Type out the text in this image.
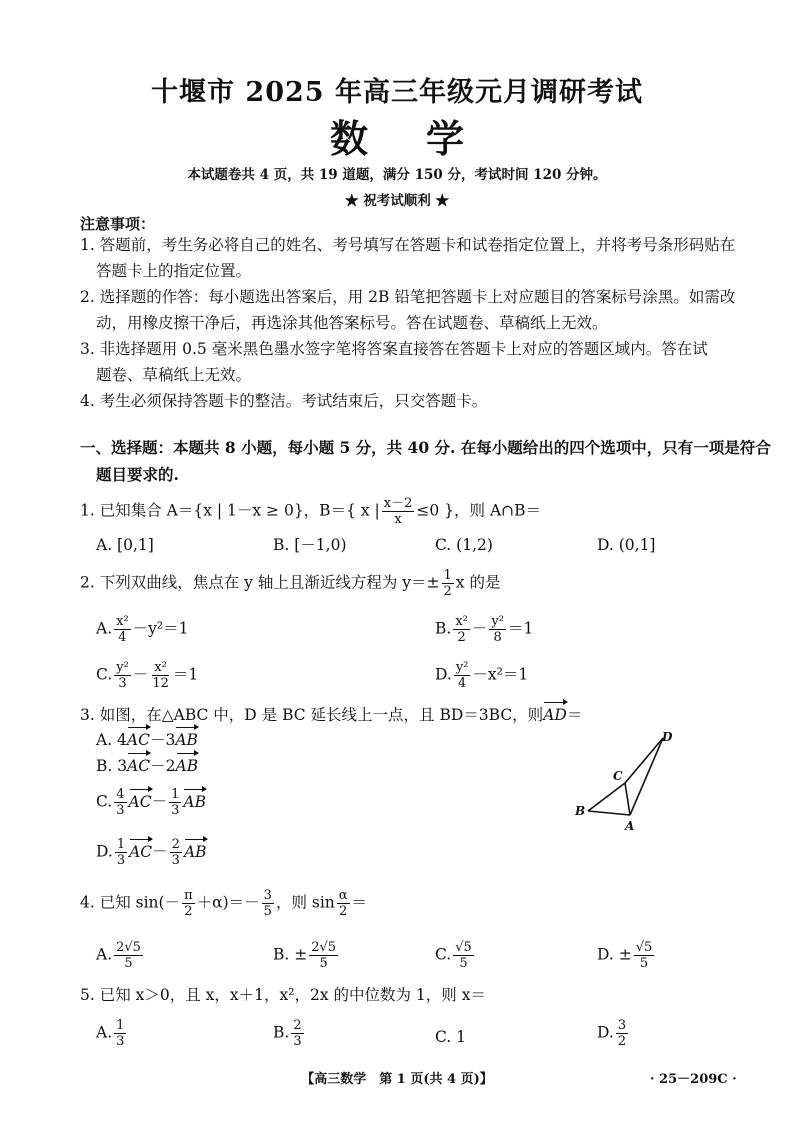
十堰市 2025 年高三年级元月调研考试
数学
本试题卷共 4 页，共 19 道题，满分 150 分，考试时间 120 分钟。
★ 祝考试顺利 ★
注意事项：
1. 答题前，考生务必将自己的姓名、考号填写在答题卡和试卷指定位置上，并将考号条形码贴在
答题卡上的指定位置。
2. 选择题的作答：每小题选出答案后，用 2B 铅笔把答题卡上对应题目的答案标号涂黑。如需改
动，用橡皮擦干净后，再选涂其他答案标号。答在试题卷、草稿纸上无效。
3. 非选择题用 0.5 毫米黑色墨水签字笔将答案直接答在答题卡上对应的答题区域内。答在试
题卷、草稿纸上无效。
4. 考生必须保持答题卡的整洁。考试结束后，只交答题卡。
一、选择题：本题共 8 小题，每小题 5 分，共 40 分. 在每小题给出的四个选项中，只有一项是符合
题目要求的.
1. 已知集合 A＝{x | 1－x ≥ 0}，B＝{ x | $\frac{x-2}{x} \le 0$ }，则 A∩B＝
A. [0,1]	B. [－1,0)	C. (1,2)	D. (0,1]
2. 下列双曲线，焦点在 y 轴上且渐近线方程为 $y=\pm \frac{1}{2}$ x 的是
A. $\frac{\text{x²}}{4} -y^2=1$	B. $\frac{\text{x²}}{2} - \frac{\text{y²}}{8} =1$
C. $\frac{\text{y²}}{3} - \frac{\text{x²}}{12} =1$	D. $\frac{\text{y²}}{4} -x^2=1$
3. 如图，在△ABC 中，D 是 BC 延长线上一点，且 BD＝3BC，则AD＝
A. 4AC－3AB
B. 3AC－2AB
C. $\frac{4}{3} AC- \frac{1}{3}$ AB
D. $\frac{1}{3} AC- \frac{2}{3}$ AB
B
C
A
D
4. 已知 $\sin(- \frac{\pi}{2} +\alpha)=- \frac{3}{5}$ ，则 $\sin \frac{\alpha}{2}$ ＝
A. $\frac{2√5}{5}$	B. ± $\frac{2√5}{5}$	C. $\frac{√5}{5}$	D. ± $\frac{√5}{5}$
5. 已知 x＞0，且 x，x＋1，x²，2x 的中位数为 1，则 x＝
A. $\frac{1}{3}$	B. $\frac{2}{3}$	C. 1	D. $\frac{3}{2}$
【高三数学　第 1 页(共 4 页)】	· 25－209C ·
